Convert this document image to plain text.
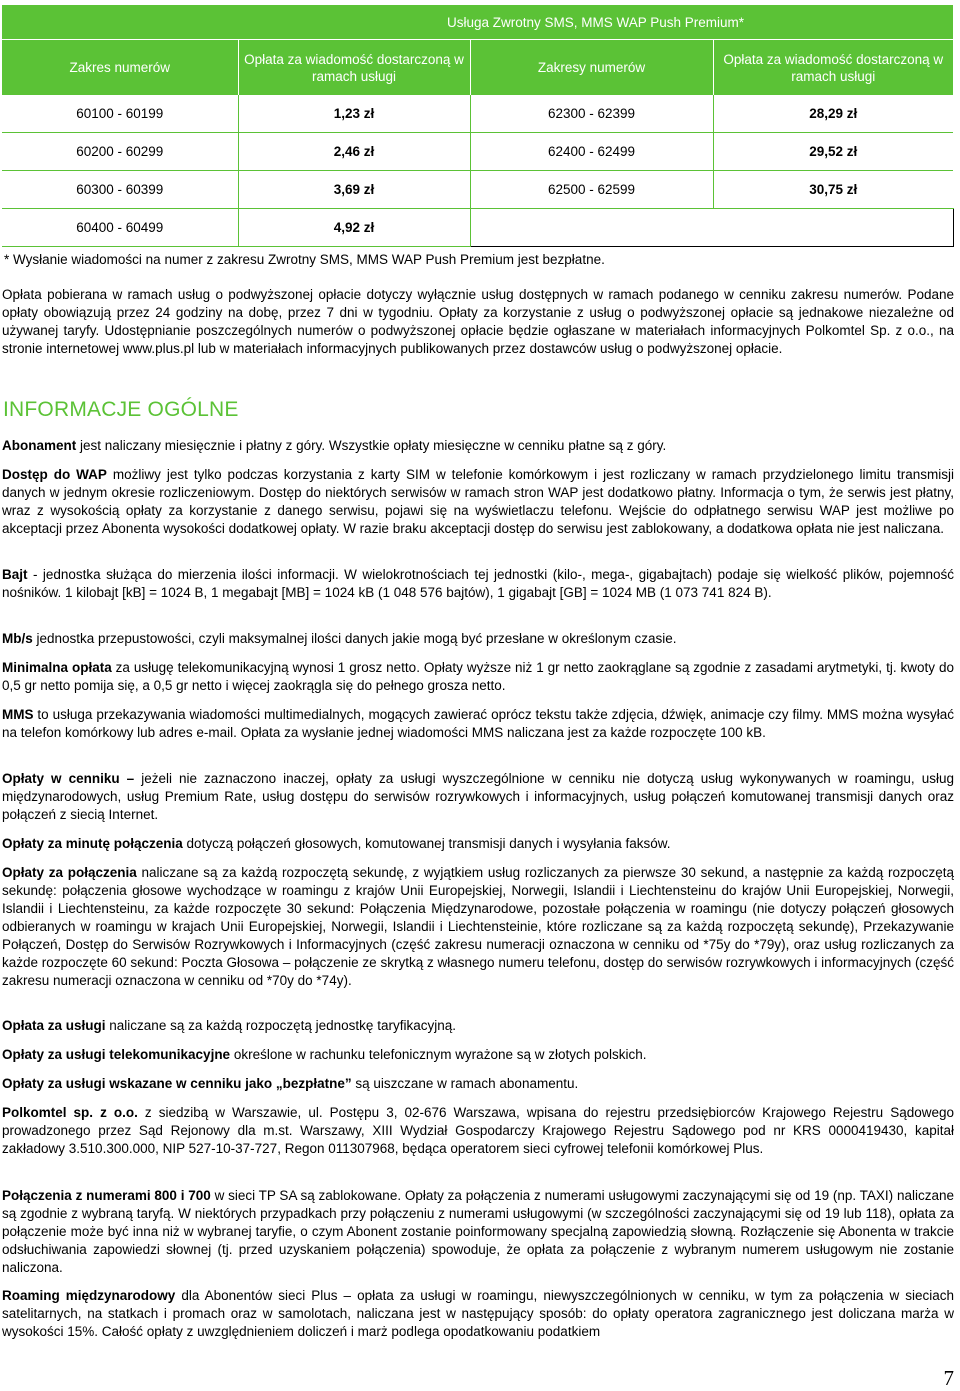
	Usługa Zwrotny SMS, MMS WAP Push Premium*		
Zakres numerów	Opłata za wiadomość dostarczoną w ramach usługi	Zakresy numerów	Opłata za wiadomość dostarczoną w ramach usługi
60100 - 60199	1,23 zł	62300 - 62399	28,29 zł
60200 - 60299	2,46 zł	62400 - 62499	29,52 zł
60300 - 60399	3,69 zł	62500 - 62599	30,75 zł
60400 - 60499	4,92 zł		

* Wysłanie wiadomości na numer z zakresu Zwrotny SMS, MMS WAP Push Premium jest bezpłatne.

Opłata pobierana w ramach usług o podwyższonej opłacie dotyczy wyłącznie usług dostępnych w ramach podanego w cenniku zakresu numerów. Podane opłaty obowiązują przez 24 godziny na dobę, przez 7 dni w tygodniu. Opłaty za korzystanie z usług o podwyższonej opłacie są jednakowe niezależne od używanej taryfy. Udostępnianie poszczególnych numerów o podwyższonej opłacie będzie ogłaszane w materiałach informacyjnych Polkomtel Sp. z o.o., na stronie internetowej www.plus.pl lub w materiałach informacyjnych publikowanych przez dostawców usług o podwyższonej opłacie.

INFORMACJE OGÓLNE

Abonament jest naliczany miesięcznie i płatny z góry. Wszystkie opłaty miesięczne w cenniku płatne są z góry.

Dostęp do WAP możliwy jest tylko podczas korzystania z karty SIM w telefonie komórkowym i jest rozliczany w ramach przydzielonego limitu transmisji danych w jednym okresie rozliczeniowym. Dostęp do niektórych serwisów w ramach stron WAP jest dodatkowo płatny. Informacja o tym, że serwis jest płatny, wraz z wysokością opłaty za korzystanie z danego serwisu, pojawi się na wyświetlaczu telefonu. Wejście do odpłatnego serwisu WAP jest możliwe po akceptacji przez Abonenta wysokości dodatkowej opłaty. W razie braku akceptacji dostęp do serwisu jest zablokowany, a dodatkowa opłata nie jest naliczana.

Bajt - jednostka służąca do mierzenia ilości informacji. W wielokrotnościach tej jednostki (kilo-, mega-, gigabajtach) podaje się wielkość plików, pojemność nośników. 1 kilobajt [kB] = 1024 B, 1 megabajt [MB] = 1024 kB (1 048 576 bajtów), 1 gigabajt [GB] = 1024 MB (1 073 741 824 B).

Mb/s jednostka przepustowości, czyli maksymalnej ilości danych jakie mogą być przesłane w określonym czasie.

Minimalna opłata za usługę telekomunikacyjną wynosi 1 grosz netto. Opłaty wyższe niż 1 gr netto zaokrąglane są zgodnie z zasadami arytmetyki, tj. kwoty do 0,5 gr netto pomija się, a 0,5 gr netto i więcej zaokrągla się do pełnego grosza netto.

MMS to usługa przekazywania wiadomości multimedialnych, mogących zawierać oprócz tekstu także zdjęcia, dźwięk, animacje czy filmy. MMS można wysyłać na telefon komórkowy lub adres e-mail. Opłata za wysłanie jednej wiadomości MMS naliczana jest za każde rozpoczęte 100 kB.

Opłaty w cenniku – jeżeli nie zaznaczono inaczej, opłaty za usługi wyszczególnione w cenniku nie dotyczą usług wykonywanych w roamingu, usług międzynarodowych, usług Premium Rate, usług dostępu do serwisów rozrywkowych i informacyjnych, usług połączeń komutowanej transmisji danych oraz połączeń z siecią Internet.

Opłaty za minutę połączenia dotyczą połączeń głosowych, komutowanej transmisji danych i wysyłania faksów.

Opłaty za połączenia naliczane są za każdą rozpoczętą sekundę, z wyjątkiem usług rozliczanych za pierwsze 30 sekund, a następnie za każdą rozpoczętą sekundę: połączenia głosowe wychodzące w roamingu z krajów Unii Europejskiej, Norwegii, Islandii i Liechtensteinu do krajów Unii Europejskiej, Norwegii, Islandii i Liechtensteinu, za każde rozpoczęte 30 sekund: Połączenia Międzynarodowe, pozostałe połączenia w roamingu (nie dotyczy połączeń głosowych odbieranych w roamingu w krajach Unii Europejskiej, Norwegii, Islandii i Liechtensteinie, które rozliczane są za każdą rozpoczętą sekundę), Przekazywanie Połączeń, Dostęp do Serwisów Rozrywkowych i Informacyjnych (część zakresu numeracji oznaczona w cenniku od *75y do *79y), oraz usług rozliczanych za każde rozpoczęte 60 sekund: Poczta Głosowa – połączenie ze skrytką z własnego numeru telefonu, dostęp do serwisów rozrywkowych i informacyjnych (część zakresu numeracji oznaczona w cenniku od *70y do *74y).

Opłata za usługi naliczane są za każdą rozpoczętą jednostkę taryfikacyjną.

Opłaty za usługi telekomunikacyjne określone w rachunku telefonicznym wyrażone są w złotych polskich.

Opłaty za usługi wskazane w cenniku jako „bezpłatne” są uiszczane w ramach abonamentu.

Polkomtel sp. z o.o. z siedzibą w Warszawie, ul. Postępu 3, 02-676 Warszawa, wpisana do rejestru przedsiębiorców Krajowego Rejestru Sądowego prowadzonego przez Sąd Rejonowy dla m.st. Warszawy, XIII Wydział Gospodarczy Krajowego Rejestru Sądowego pod nr KRS 0000419430, kapitał zakładowy 3.510.300.000, NIP 527-10-37-727, Regon 011307968, będąca operatorem sieci cyfrowej telefonii komórkowej Plus.

Połączenia z numerami 800 i 700 w sieci TP SA są zablokowane. Opłaty za połączenia z numerami usługowymi zaczynającymi się od 19 (np. TAXI) naliczane są zgodnie z wybraną taryfą. W niektórych przypadkach przy połączeniu z numerami usługowymi (w szczególności zaczynającymi się od 19 lub 118), opłata za połączenie może być inna niż w wybranej taryfie, o czym Abonent zostanie poinformowany specjalną zapowiedzią słowną. Rozłączenie się Abonenta w trakcie odsłuchiwania zapowiedzi słownej (tj. przed uzyskaniem połączenia) spowoduje, że opłata za połączenie z wybranym numerem usługowym nie zostanie naliczona.

Roaming międzynarodowy dla Abonentów sieci Plus – opłata za usługi w roamingu, niewyszczególnionych w cenniku, w tym za połączenia w sieciach satelitarnych, na statkach i promach oraz w samolotach, naliczana jest w następujący sposób: do opłaty operatora zagranicznego jest doliczana marża w wysokości 15%. Całość opłaty z uwzględnieniem doliczeń i marż podlega opodatkowaniu podatkiem

7
